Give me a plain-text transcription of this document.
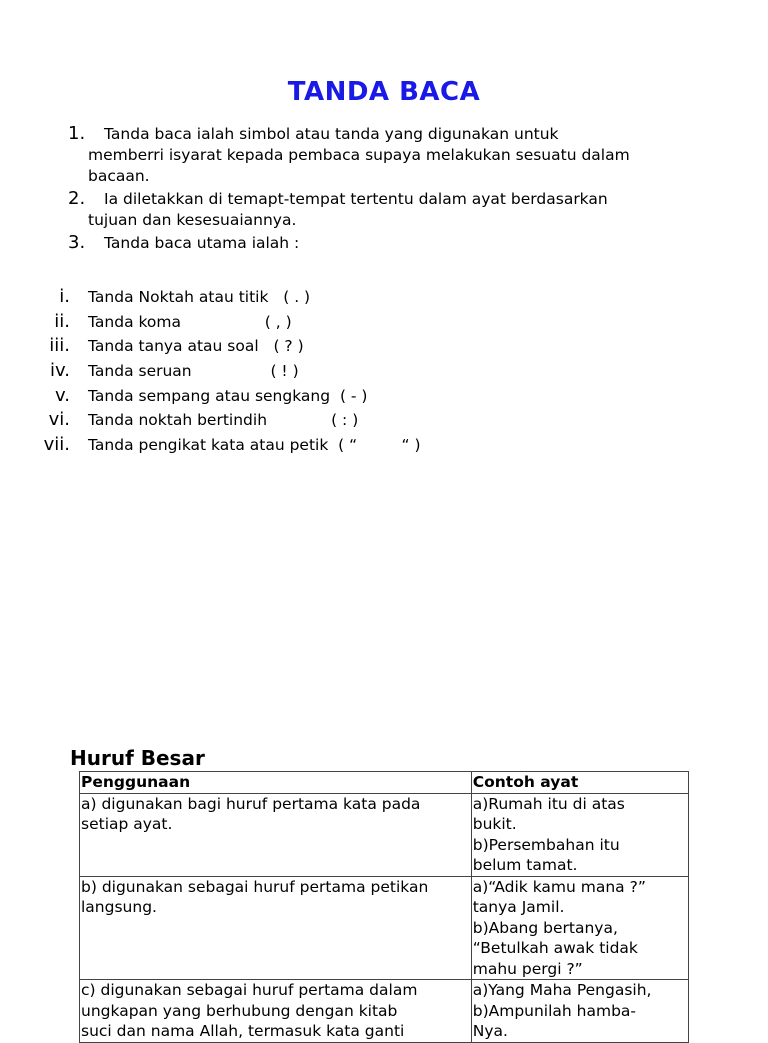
TANDA BACA
1.	Tanda baca ialah simbol atau tanda yang digunakan untuk
memberri isyarat kepada pembaca supaya melakukan sesuatu dalam
bacaan.
2.	Ia diletakkan di temapt-tempat tertentu dalam ayat berdasarkan
tujuan dan kesesuaiannya.
3.	Tanda baca utama ialah :
i. Tanda Noktah atau titik   ( . )
ii. Tanda koma                 ( , )
iii. Tanda tanya atau soal   ( ? )
iv. Tanda seruan                ( ! )
v. Tanda sempang atau sengkang  ( - )
vi. Tanda noktah bertindih             ( : )
vii. Tanda pengikat kata atau petik  ( “         “ )
Huruf Besar
Penggunaan	Contoh ayat

a) digunakan bagi huruf pertama kata pada
setiap ayat.	a)Rumah itu di atas
bukit.
b)Persembahan itu
belum tamat.

b) digunakan sebagai huruf pertama petikan
langsung.	a)“Adik kamu mana ?”
tanya Jamil.
b)Abang bertanya,
“Betulkah awak tidak
mahu pergi ?”

c) digunakan sebagai huruf pertama dalam
ungkapan yang berhubung dengan kitab
suci dan nama Allah, termasuk kata ganti	a)Yang Maha Pengasih,
b)Ampunilah hamba-
Nya.
